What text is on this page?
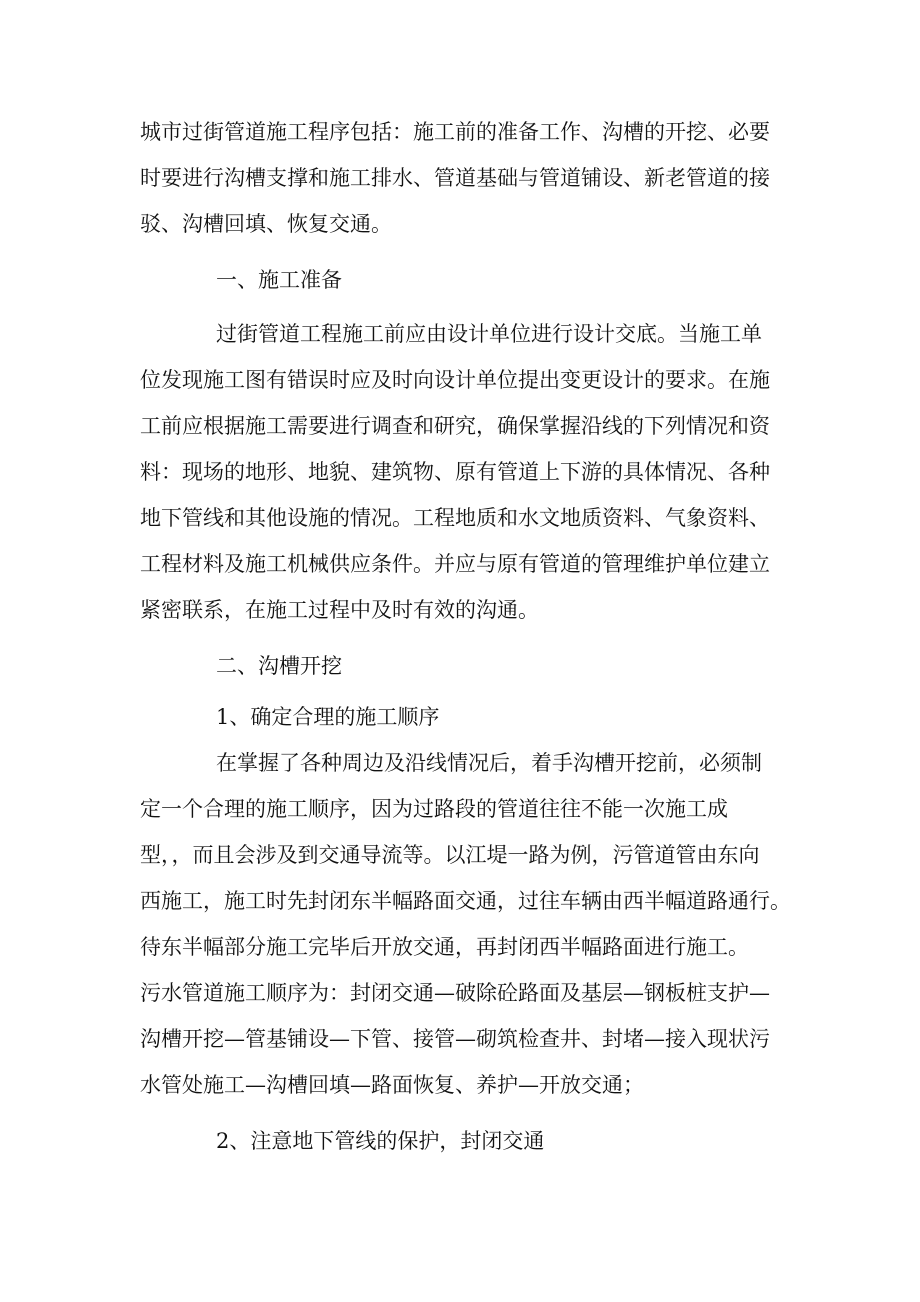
城市过街管道施工程序包括：施工前的准备工作、沟槽的开挖、必要
时要进行沟槽支撑和施工排水、管道基础与管道铺设、新老管道的接
驳、沟槽回填、恢复交通。
一、施工准备
过街管道工程施工前应由设计单位进行设计交底。当施工单
位发现施工图有错误时应及时向设计单位提出变更设计的要求。在施
工前应根据施工需要进行调查和研究，确保掌握沿线的下列情况和资
料：现场的地形、地貌、建筑物、原有管道上下游的具体情况、各种
地下管线和其他设施的情况。工程地质和水文地质资料、气象资料、
工程材料及施工机械供应条件。并应与原有管道的管理维护单位建立
紧密联系，在施工过程中及时有效的沟通。
二、沟槽开挖
1、确定合理的施工顺序
在掌握了各种周边及沿线情况后，着手沟槽开挖前，必须制
定一个合理的施工顺序，因为过路段的管道往往不能一次施工成
型，，而且会涉及到交通导流等。以江堤一路为例，污管道管由东向
西施工，施工时先封闭东半幅路面交通，过往车辆由西半幅道路通行。
待东半幅部分施工完毕后开放交通，再封闭西半幅路面进行施工。
污水管道施工顺序为：封闭交通—破除砼路面及基层—钢板桩支护—
沟槽开挖—管基铺设—下管、接管—砌筑检查井、封堵—接入现状污
水管处施工—沟槽回填—路面恢复、养护—开放交通；
2、注意地下管线的保护，封闭交通
